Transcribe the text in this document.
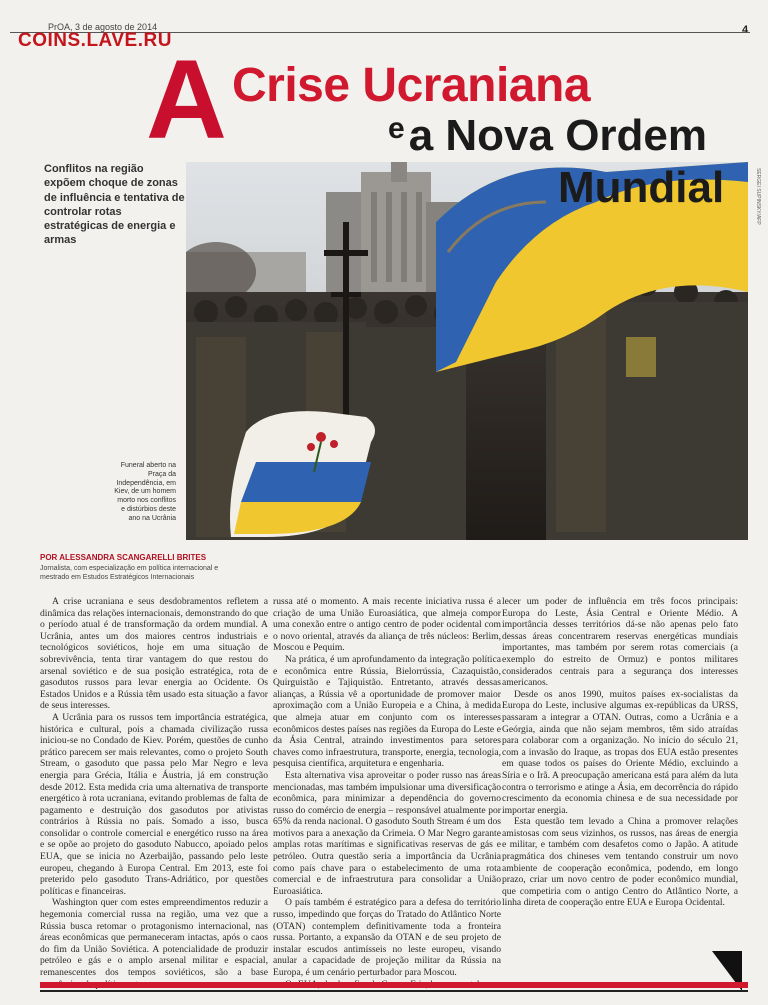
PrOA, 3 de agosto de 2014	4
COINS.LAVE.RU
A Crise Ucraniana
$^e$a Nova Ordem
Conflitos na região expõem choque de zonas de influência e tentativa de controlar rotas estratégicas de energia e armas
Mundial	SERGEI SUPINSKY/AFP
Funeral aberto na Praça da Independência, em Kiev, de um homem morto nos conflitos e distúrbios deste ano na Ucrânia
POR ALESSANDRA SCANGARELLI BRITES
Jornalista, com especialização em política internacional e mestrado em Estudos Estratégicos Internacionais

A crise ucraniana e seus desdobramentos refletem a dinâmica das relações internacionais, demonstrando do que o período atual é de transformação da ordem mundial. A Ucrânia, antes um dos maiores centros industriais e tecnológicos soviéticos, hoje em uma situação de sobrevivência, tenta tirar vantagem do que restou do arsenal soviético e de sua posição estratégica, rota de gasodutos russos para levar energia ao Ocidente. Os Estados Unidos e a Rússia têm usado esta situação a favor de seus interesses.

A Ucrânia para os russos tem importância estratégica, histórica e cultural, pois a chamada civilização russa iniciou-se no Condado de Kiev. Porém, questões de cunho prático parecem ser mais relevantes, como o projeto South Stream, o gasoduto que passa pelo Mar Negro e leva energia para Grécia, Itália e Áustria, já em construção desde 2012. Esta medida cria uma alternativa de transporte energético à rota ucraniana, evitando problemas de falta de pagamento e destruição dos gasodutos por ativistas contrários à Rússia no país. Somado a isso, busca consolidar o controle comercial e energético russo na área e se opõe ao projeto do gasoduto Nabucco, apoiado pelos EUA, que se inicia no Azerbaijão, passando pelo leste europeu, chegando à Europa Central. Em 2013, este foi preterido pelo gasoduto Trans-Adriático, por questões políticas e financeiras.

Washington quer com estes empreendimentos reduzir a hegemonia comercial russa na região, uma vez que a Rússia busca retomar o protagonismo internacional, nas áreas econômicas que permaneceram intactas, após o caos do fim da União Soviética. A potencialidade de produzir petróleo e gás e o amplo arsenal militar e espacial, remanescentes dos tempos soviéticos, são a base

russa até o momento. A mais recente iniciativa russa é a criação de uma União Euroasiática, que almeja compor uma conexão entre o antigo centro de poder ocidental com o novo oriental, através da aliança de três núcleos: Berlim, Moscou e Pequim.

Na prática, é um aprofundamento da integração política e econômica entre Rússia, Bielorrússia, Cazaquistão, Quirguistão e Tajiquistão. Entretanto, através dessas alianças, a Rússia vê a oportunidade de promover maior aproximação com a União Europeia e a China, à medida que almeja atuar em conjunto com os interesses econômicos destes países nas regiões da Europa do Leste e da Ásia Central, atraindo investimentos para setores chaves como infraestrutura, transporte, energia, tecnologia, pesquisa científica, arquitetura e engenharia.

Esta alternativa visa aproveitar o poder russo nas áreas mencionadas, mas também impulsionar uma diversificação econômica, para minimizar a dependência do governo russo do comércio de energia – responsável atualmente por 65% da renda nacional. O gasoduto South Stream é um dos motivos para a anexação da Crimeia. O Mar Negro garante amplas rotas marítimas e significativas reservas de gás e petróleo. Outra questão seria a importância da Ucrânia como país chave para o estabelecimento de uma rota comercial e de infraestrutura para consolidar a União Euroasiática.

O país também é estratégico para a defesa do território russo, impedindo que forças do Tratado do Atlântico Norte (OTAN) contemplem definitivamente toda a fronteira russa. Portanto, a expansão da OTAN e de seu projeto de instalar escudos antimísseis no leste europeu, visando anular a capacidade de projeção militar da Rússia na Europa, é um cenário perturbador para Moscou.

lecer um poder de influência em três focos principais: Europa do Leste, Ásia Central e Oriente Médio. A importância desses territórios dá-se não apenas pelo fato dessas áreas concentrarem reservas energéticas mundiais importantes, mas também por serem rotas comerciais (a exemplo do estreito de Ormuz) e pontos militares considerados centrais para a segurança dos interesses americanos.

Desde os anos 1990, muitos países ex-socialistas da Europa do Leste, inclusive algumas ex-repúblicas da URSS, passaram a integrar a OTAN. Outras, como a Ucrânia e a Geórgia, ainda que não sejam membros, têm sido atraídas para colaborar com a organização. No início do século 21, com a invasão do Iraque, as tropas dos EUA estão presentes em quase todos os países do Oriente Médio, excluindo a Síria e o Irã. A preocupação americana está para além da luta contra o terrorismo e atinge a Ásia, em decorrência do rápido crescimento da economia chinesa e de sua necessidade por importar energia.

Esta questão tem levado a China a promover relações amistosas com seus vizinhos, os russos, nas áreas de energia e militar, e também com desafetos como o Japão. A atitude pragmática dos chineses vem tentando construir um novo ambiente de cooperação econômica, podendo, em longo prazo, criar um novo centro de poder econômico mundial, que competiria com o antigo Centro do Atlântico Norte, a linha direta de cooperação entre EUA e Europa Ocidental.
